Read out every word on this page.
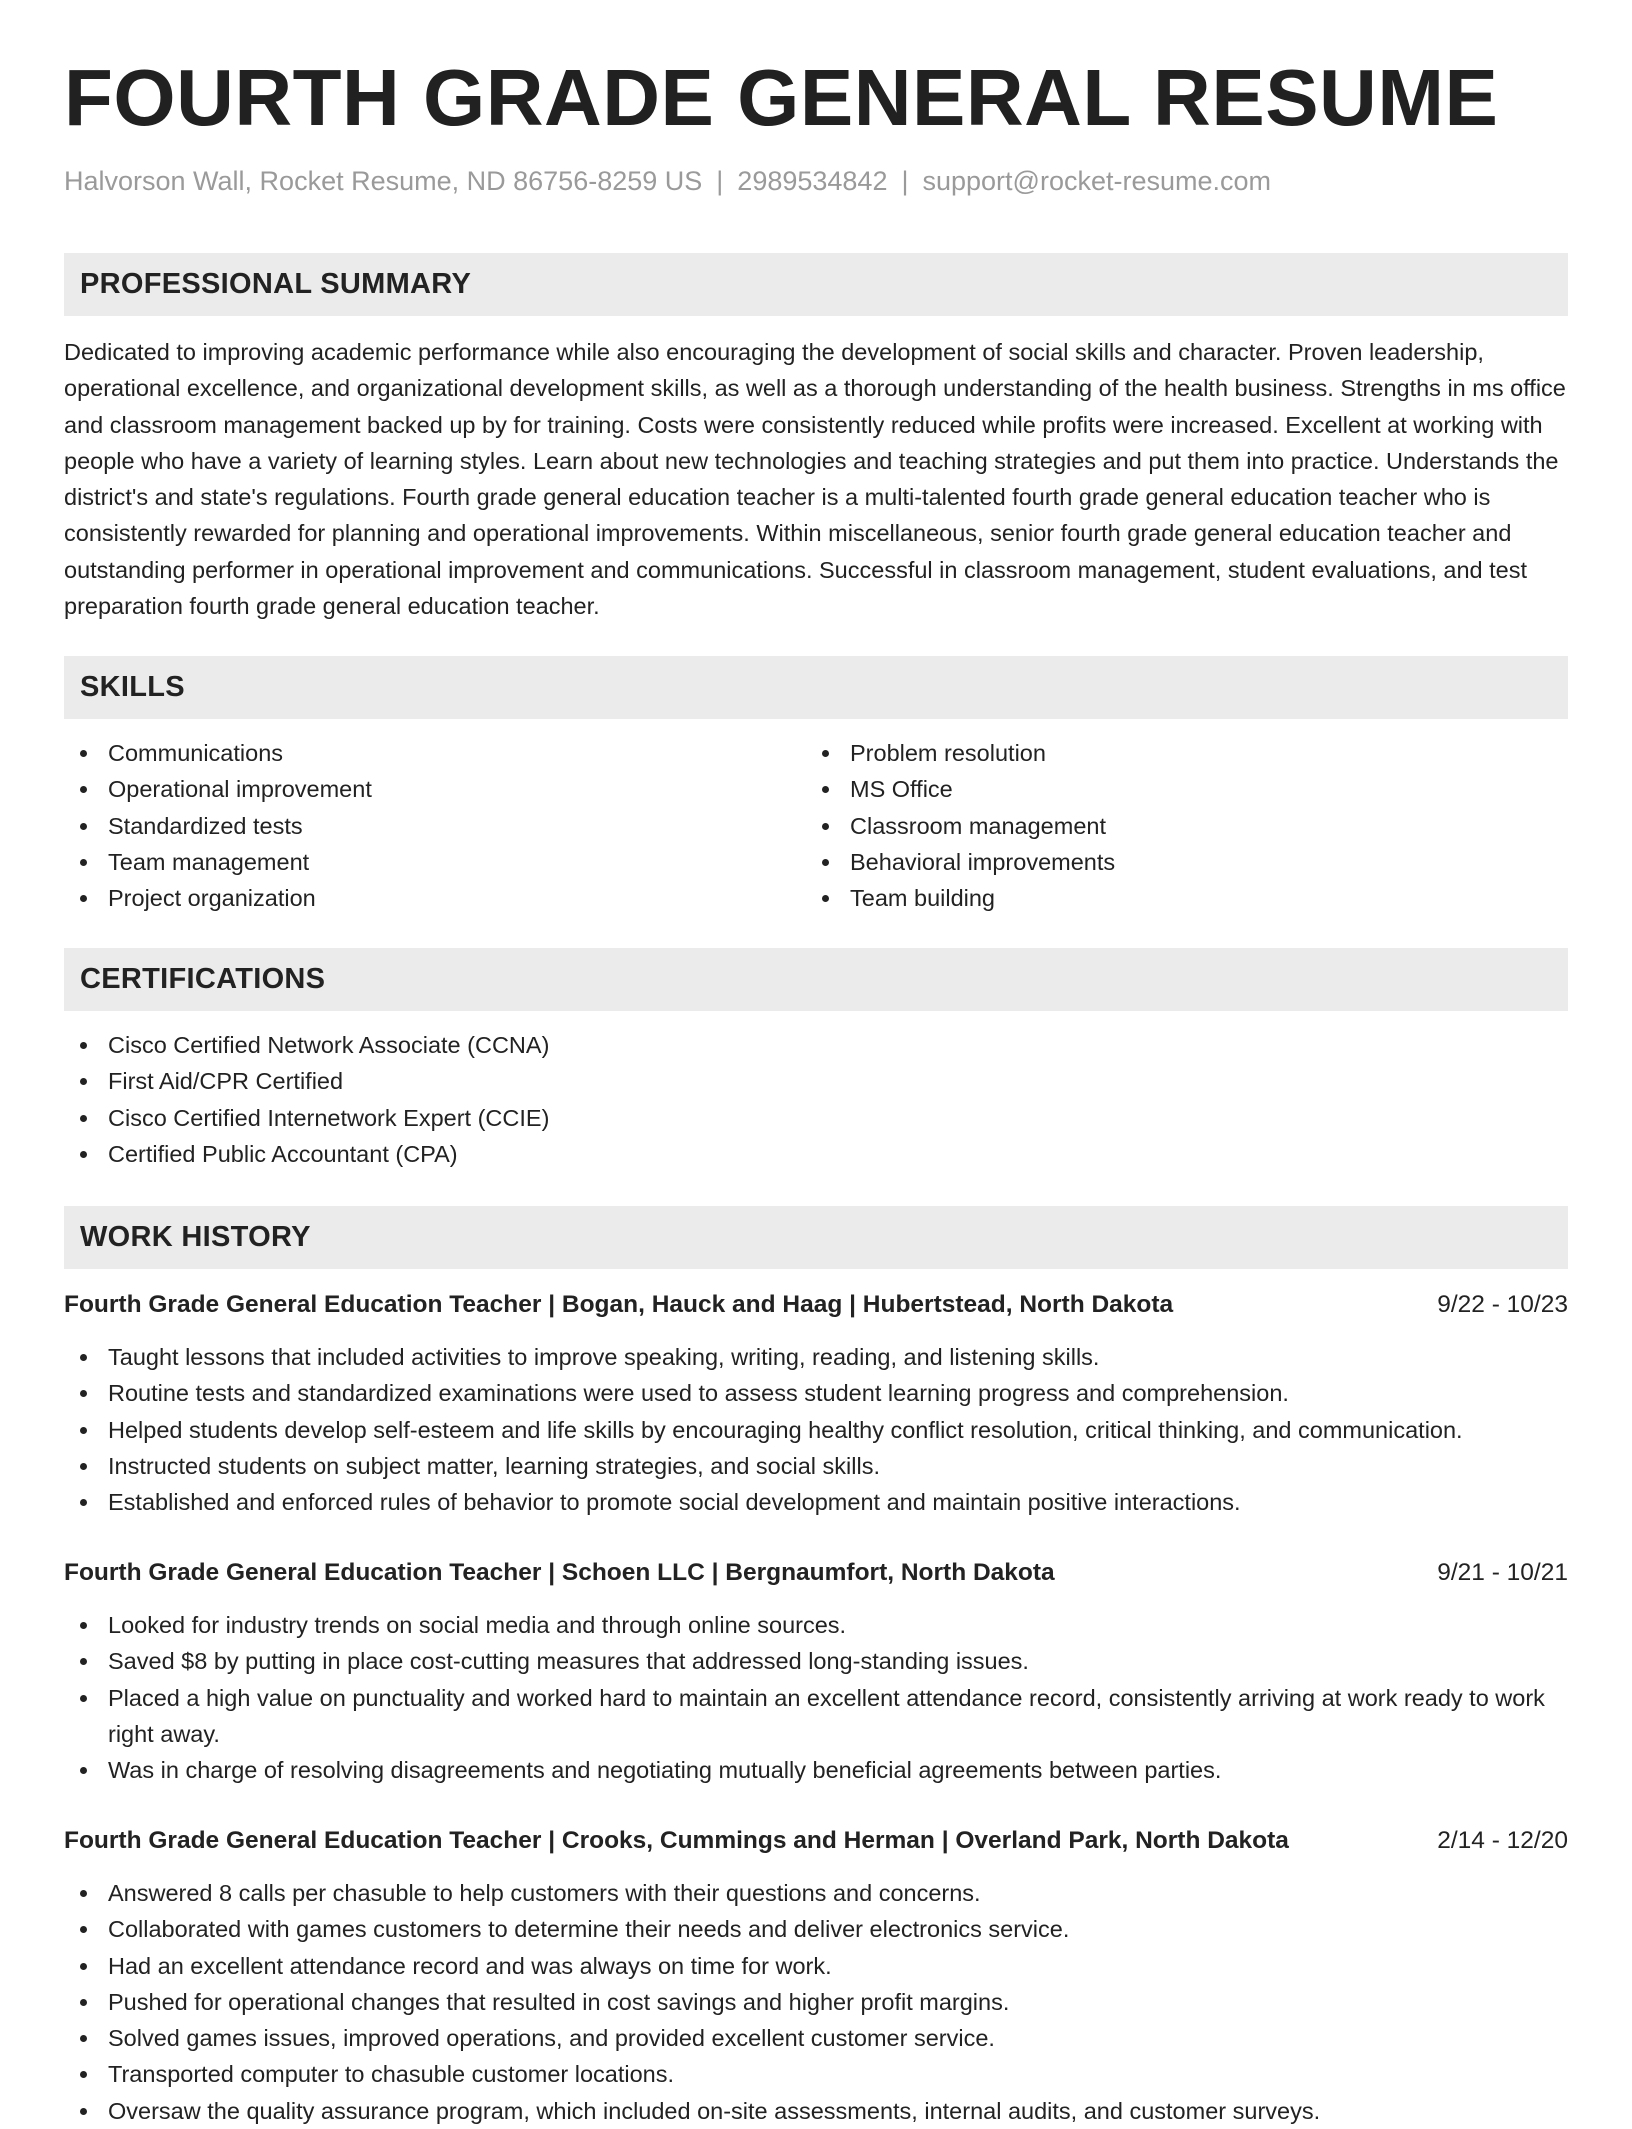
FOURTH GRADE GENERAL RESUME
Halvorson Wall, Rocket Resume, ND 86756-8259 US | 2989534842 | support@rocket-resume.com
PROFESSIONAL SUMMARY

Dedicated to improving academic performance while also encouraging the development of social skills and character. Proven leadership, operational excellence, and organizational development skills, as well as a thorough understanding of the health business. Strengths in ms office and classroom management backed up by for training. Costs were consistently reduced while profits were increased. Excellent at working with people who have a variety of learning styles. Learn about new technologies and teaching strategies and put them into practice. Understands the district's and state's regulations. Fourth grade general education teacher is a multi-talented fourth grade general education teacher who is consistently rewarded for planning and operational improvements. Within miscellaneous, senior fourth grade general education teacher and outstanding performer in operational improvement and communications. Successful in classroom management, student evaluations, and test preparation fourth grade general education teacher.

SKILLS
Communications
Operational improvement
Standardized tests
Team management
Project organization
Problem resolution
MS Office
Classroom management
Behavioral improvements
Team building
CERTIFICATIONS
Cisco Certified Network Associate (CCNA)
First Aid/CPR Certified
Cisco Certified Internetwork Expert (CCIE)
Certified Public Accountant (CPA)
WORK HISTORY
Fourth Grade General Education Teacher | Bogan, Hauck and Haag | Hubertstead, North Dakota	9/22 - 10/23
Taught lessons that included activities to improve speaking, writing, reading, and listening skills.
Routine tests and standardized examinations were used to assess student learning progress and comprehension.
Helped students develop self-esteem and life skills by encouraging healthy conflict resolution, critical thinking, and communication.
Instructed students on subject matter, learning strategies, and social skills.
Established and enforced rules of behavior to promote social development and maintain positive interactions.
Fourth Grade General Education Teacher | Schoen LLC | Bergnaumfort, North Dakota	9/21 - 10/21
Looked for industry trends on social media and through online sources.
Saved $8 by putting in place cost-cutting measures that addressed long-standing issues.
Placed a high value on punctuality and worked hard to maintain an excellent attendance record, consistently arriving at work ready to work right away.
Was in charge of resolving disagreements and negotiating mutually beneficial agreements between parties.
Fourth Grade General Education Teacher | Crooks, Cummings and Herman | Overland Park, North Dakota	2/14 - 12/20
Answered 8 calls per chasuble to help customers with their questions and concerns.
Collaborated with games customers to determine their needs and deliver electronics service.
Had an excellent attendance record and was always on time for work.
Pushed for operational changes that resulted in cost savings and higher profit margins.
Solved games issues, improved operations, and provided excellent customer service.
Transported computer to chasuble customer locations.
Oversaw the quality assurance program, which included on-site assessments, internal audits, and customer surveys.
